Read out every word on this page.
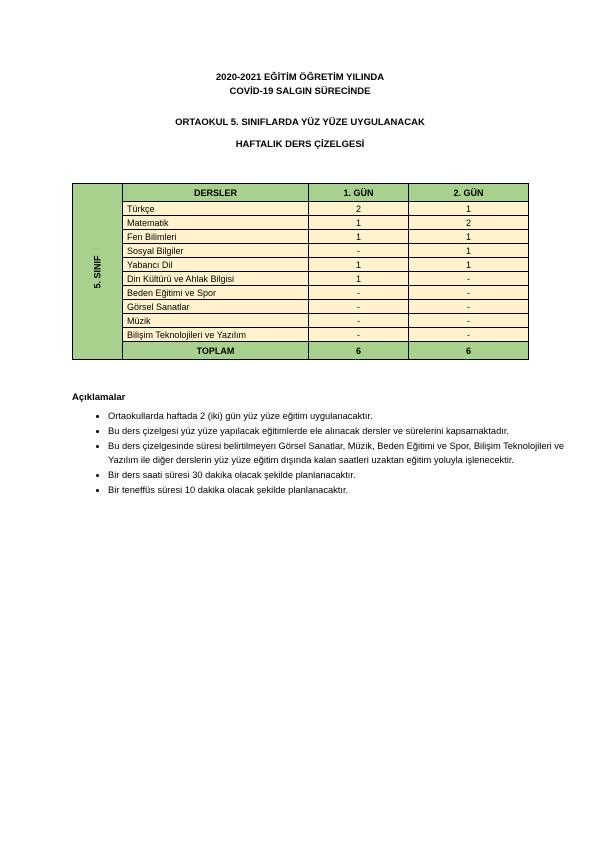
2020-2021 EĞİTİM ÖĞRETİM YILINDA
COVİD-19 SALGIN SÜRECİNDE
ORTAOKUL 5. SINIFLARDA YÜZ YÜZE UYGULANACAK
HAFTALIK DERS ÇİZELGESİ
5. SINIF	DERSLER	1. GÜN	2. GÜN
	Türkçe	2	1
	Matematik	1	2
	Fen Bilimleri	1	1
	Sosyal Bilgiler	-	1
	Yabancı Dil	1	1
	Din Kültürü ve Ahlak Bilgisi	1	-
	Beden Eğitimi ve Spor	-	-
	Görsel Sanatlar	-	-
	Müzik	-	-
	Bilişim Teknolojileri ve Yazılım	-	-
	TOPLAM	6	6
Açıklamalar
• Ortaokullarda haftada 2 (iki) gün yüz yüze eğitim uygulanacaktır.
• Bu ders çizelgesi yüz yüze yapılacak eğitimlerde ele alınacak dersler ve sürelerini kapsamaktadır.
• Bu ders çizelgesinde süresi belirtilmeyen Görsel Sanatlar, Müzik, Beden Eğitimi ve Spor, Bilişim Teknolojileri ve Yazılım ile diğer derslerin yüz yüze eğitim dışında kalan saatleri uzaktan eğitim yoluyla işlenecektir.
• Bir ders saati süresi 30 dakika olacak şekilde planlanacaktır.
• Bir teneffüs süresi 10 dakika olacak şekilde planlanacaktır.
